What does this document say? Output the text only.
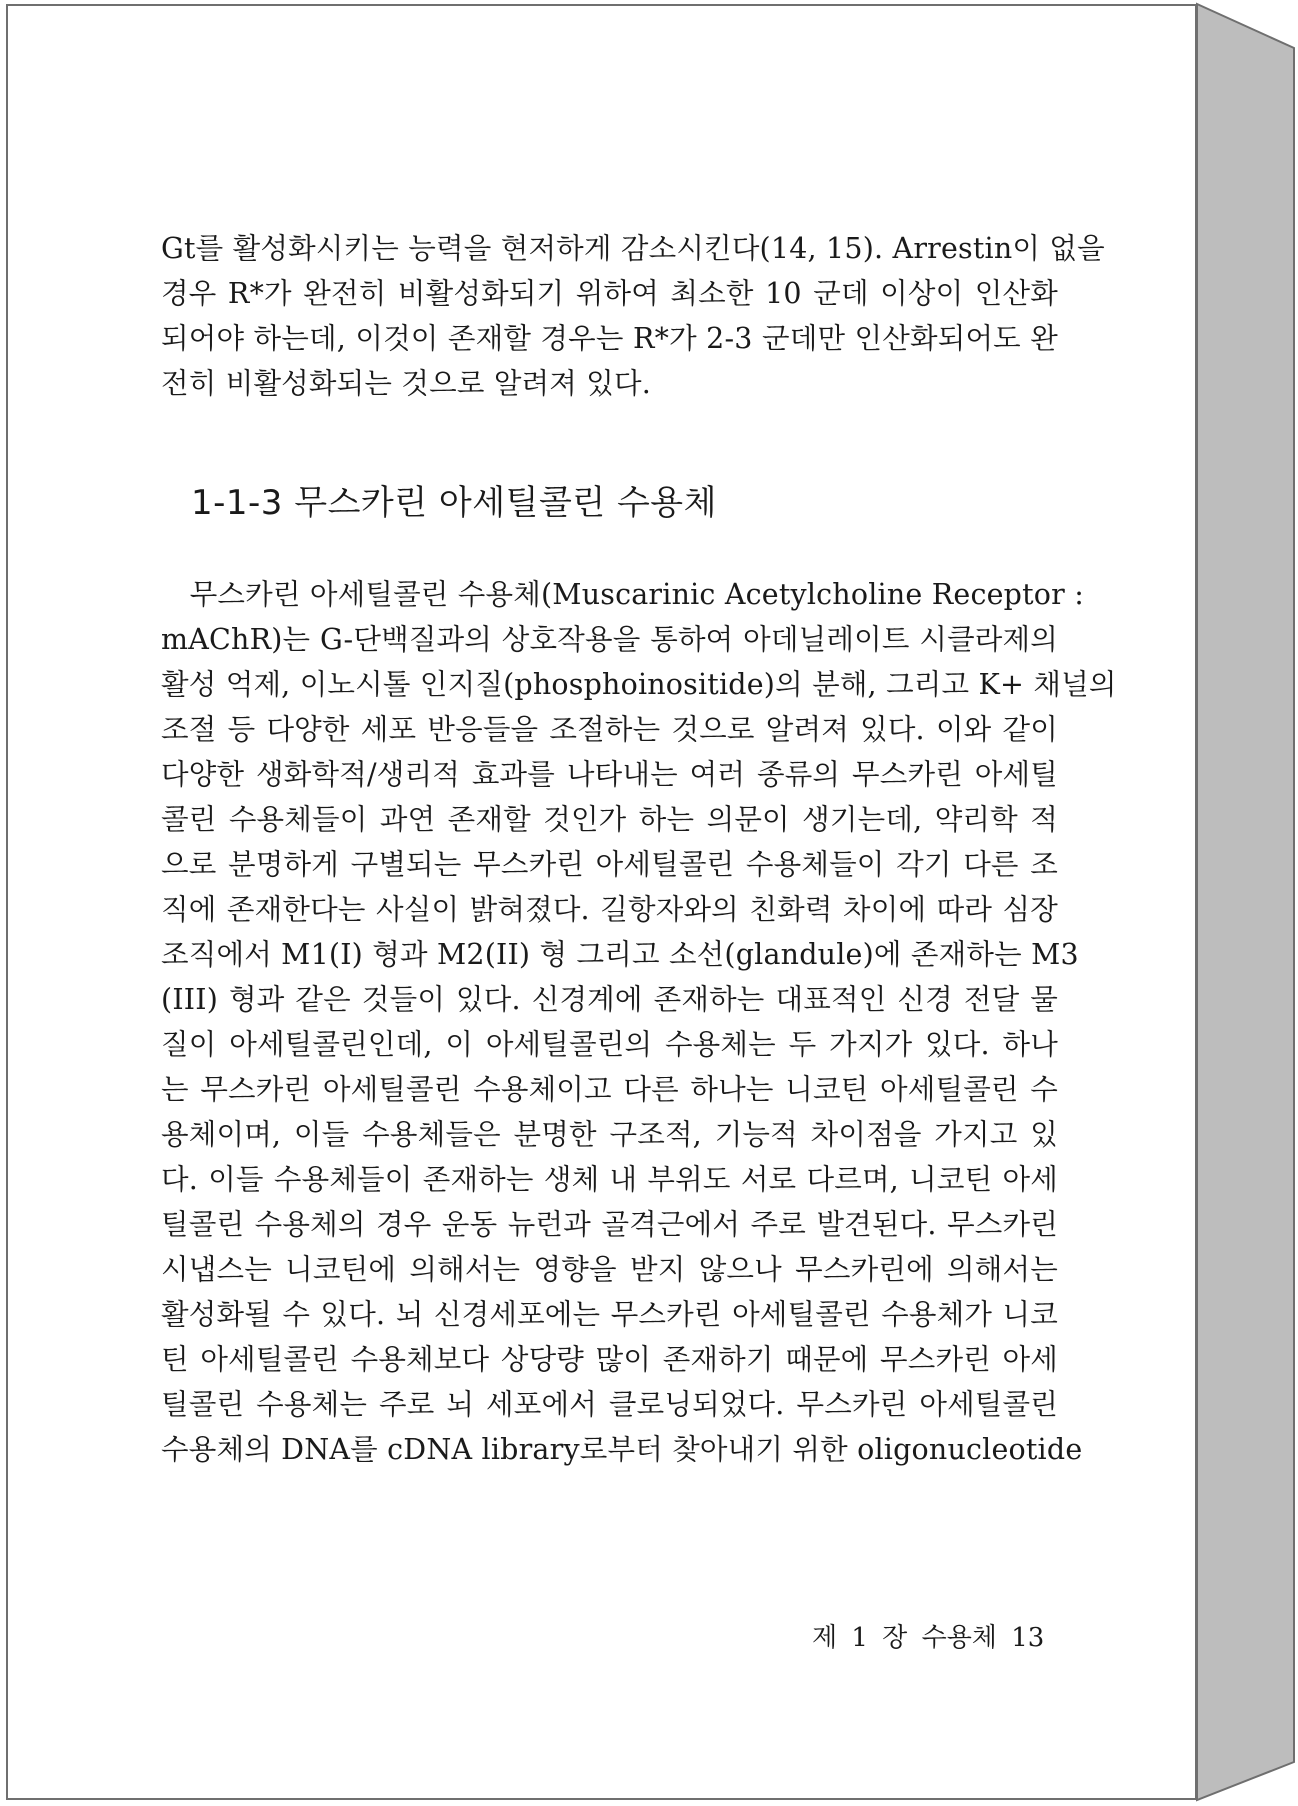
Gt를 활성화시키는 능력을 현저하게 감소시킨다(14, 15). Arrestin이 없을
경우 R*가 완전히 비활성화되기 위하여 최소한 10 군데 이상이 인산화
되어야 하는데, 이것이 존재할 경우는 R*가 2-3 군데만 인산화되어도 완
전히 비활성화되는 것으로 알려져 있다.
1-1-3 무스카린 아세틸콜린 수용체
　무스카린 아세틸콜린 수용체(Muscarinic Acetylcholine Receptor :
mAChR)는 G-단백질과의 상호작용을 통하여 아데닐레이트 시클라제의
활성 억제, 이노시톨 인지질(phosphoinositide)의 분해, 그리고 K+ 채널의
조절 등 다양한 세포 반응들을 조절하는 것으로 알려져 있다. 이와 같이
다양한 생화학적/생리적 효과를 나타내는 여러 종류의 무스카린 아세틸
콜린 수용체들이 과연 존재할 것인가 하는 의문이 생기는데, 약리학 적
으로 분명하게 구별되는 무스카린 아세틸콜린 수용체들이 각기 다른 조
직에 존재한다는 사실이 밝혀졌다. 길항자와의 친화력 차이에 따라 심장
조직에서 M1(I) 형과 M2(II) 형 그리고 소선(glandule)에 존재하는 M3
(III) 형과 같은 것들이 있다. 신경계에 존재하는 대표적인 신경 전달 물
질이 아세틸콜린인데, 이 아세틸콜린의 수용체는 두 가지가 있다. 하나
는 무스카린 아세틸콜린 수용체이고 다른 하나는 니코틴 아세틸콜린 수
용체이며, 이들 수용체들은 분명한 구조적, 기능적 차이점을 가지고 있
다. 이들 수용체들이 존재하는 생체 내 부위도 서로 다르며, 니코틴 아세
틸콜린 수용체의 경우 운동 뉴런과 골격근에서 주로 발견된다. 무스카린
시냅스는 니코틴에 의해서는 영향을 받지 않으나 무스카린에 의해서는
활성화될 수 있다. 뇌 신경세포에는 무스카린 아세틸콜린 수용체가 니코
틴 아세틸콜린 수용체보다 상당량 많이 존재하기 때문에 무스카린 아세
틸콜린 수용체는 주로 뇌 세포에서 클로닝되었다. 무스카린 아세틸콜린
수용체의 DNA를 cDNA library로부터 찾아내기 위한 oligonucleotide
제 1 장 수용체 13
